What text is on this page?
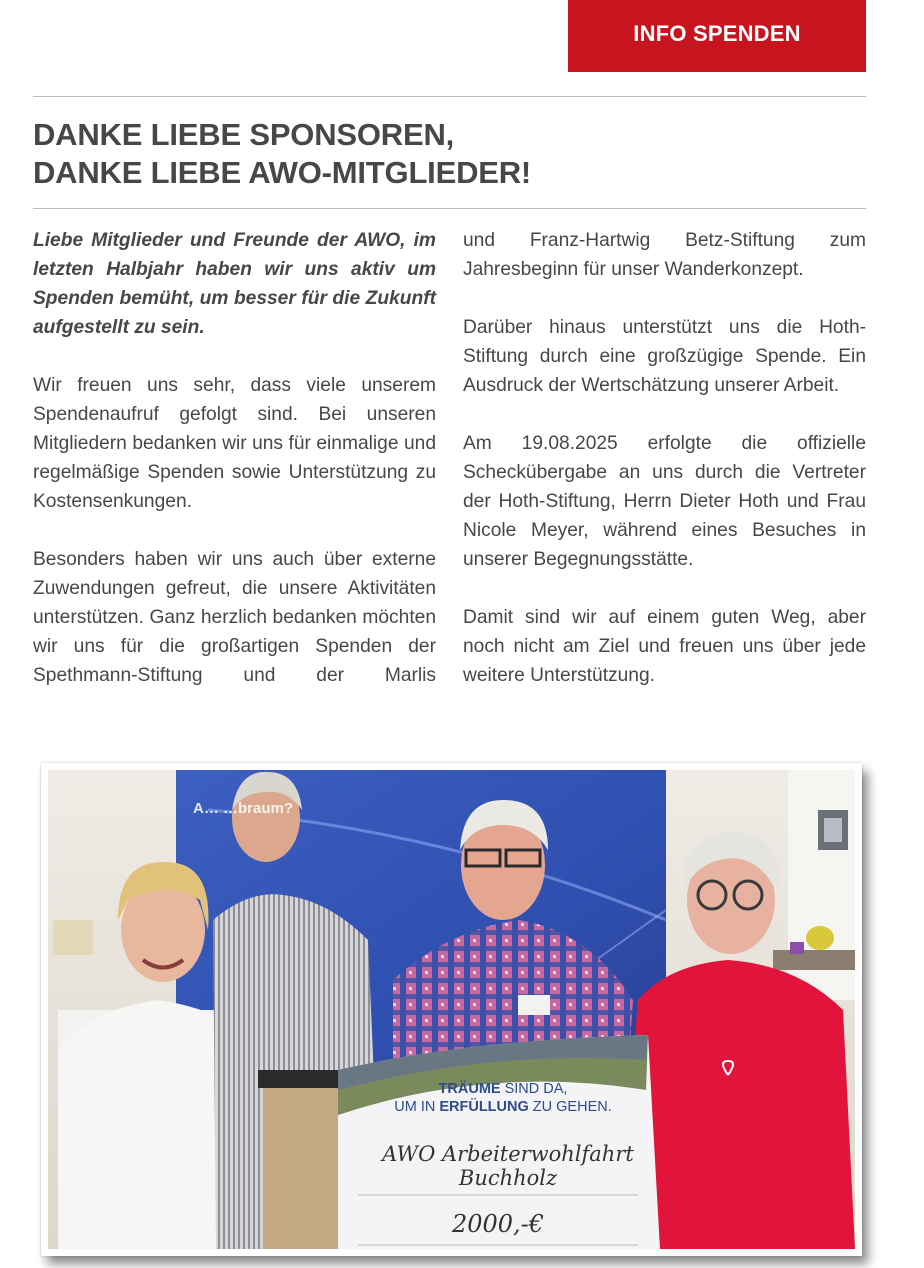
INFO SPENDEN
DANKE LIEBE SPONSOREN,
DANKE LIEBE AWO-MITGLIEDER!

Liebe Mitglieder und Freunde der AWO, im letzten Halbjahr haben wir uns aktiv um Spenden bemüht, um besser für die Zukunft aufgestellt zu sein.

Wir freuen uns sehr, dass viele unserem Spendenaufruf gefolgt sind. Bei unseren Mitgliedern bedanken wir uns für einmalige und regelmäßige Spenden sowie Unterstützung zu Kostensenkungen.

Besonders haben wir uns auch über externe Zuwendungen gefreut, die unsere Aktivitäten unterstützen. Ganz herzlich bedanken möchten wir uns für die großartigen Spenden der Spethmann-Stiftung und der Marlis

und Franz-Hartwig Betz-Stiftung zum Jahresbeginn für unser Wanderkonzept.

Darüber hinaus unterstützt uns die Hoth-Stiftung durch eine großzügige Spende. Ein Ausdruck der Wertschätzung unserer Arbeit.

Am 19.08.2025 erfolgte die offizielle Scheckübergabe an uns durch die Vertreter der Hoth-Stiftung, Herrn Dieter Hoth und Frau Nicole Meyer, während eines Besuches in unserer Begegnungsstätte.

Damit sind wir auf einem guten Weg, aber noch nicht am Ziel und freuen uns über jede weitere Unterstützung.

A… …braum?
TRÄUME SIND DA,
UM IN ERFÜLLUNG ZU GEHEN.
AWO Arbeiterwohlfahrt Buchholz
2000,-€
